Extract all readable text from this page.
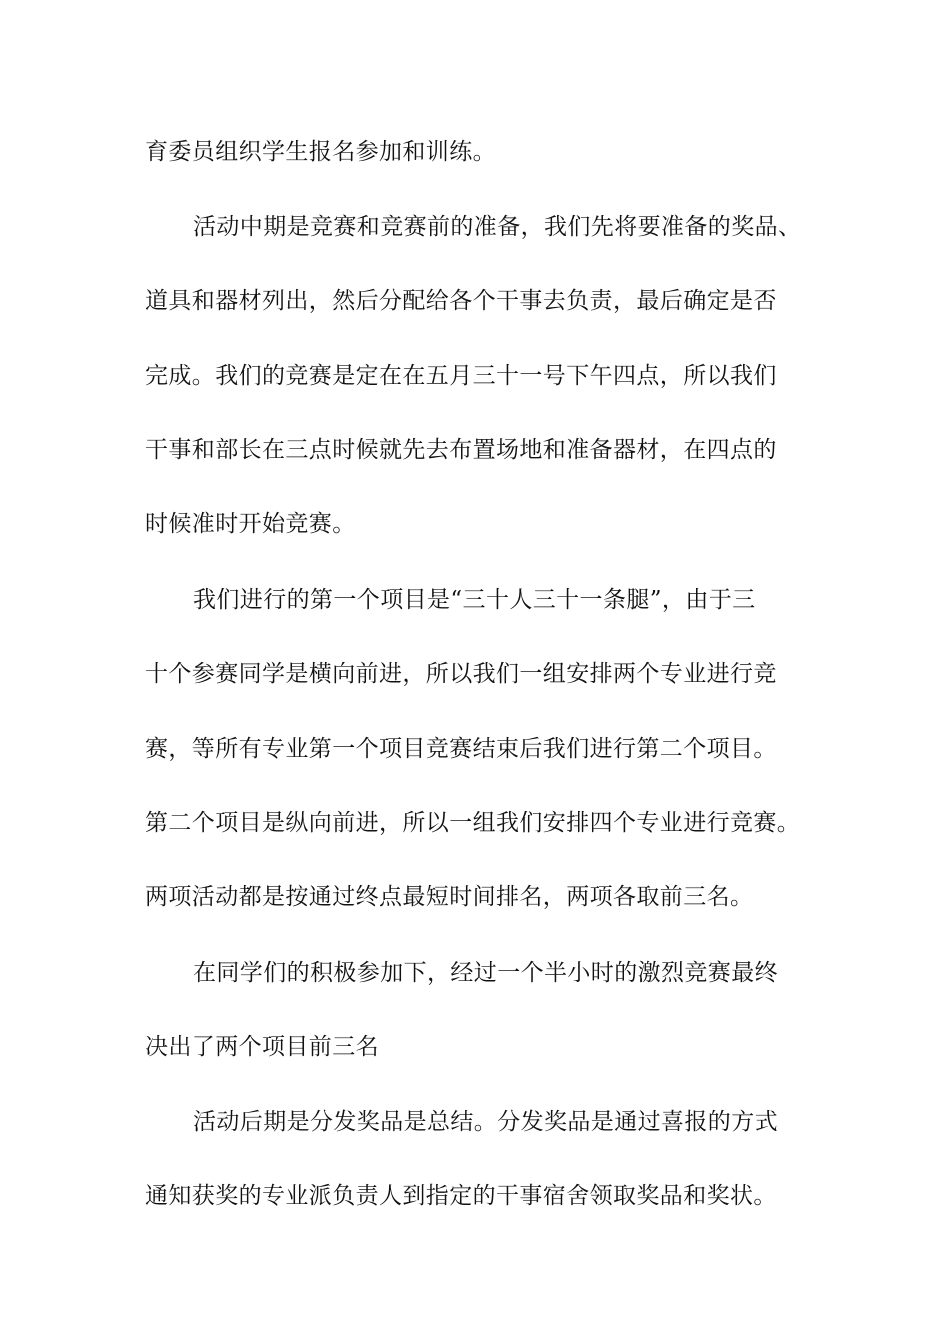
育委员组织学生报名参加和训练。
活动中期是竞赛和竞赛前的准备，我们先将要准备的奖品、
道具和器材列出，然后分配给各个干事去负责，最后确定是否
完成。我们的竞赛是定在在五月三十一号下午四点，所以我们
干事和部长在三点时候就先去布置场地和准备器材，在四点的
时候准时开始竞赛。
我们进行的第一个项目是“三十人三十一条腿”，由于三
十个参赛同学是横向前进，所以我们一组安排两个专业进行竞
赛，等所有专业第一个项目竞赛结束后我们进行第二个项目。
第二个项目是纵向前进，所以一组我们安排四个专业进行竞赛。
两项活动都是按通过终点最短时间排名，两项各取前三名。
在同学们的积极参加下，经过一个半小时的激烈竞赛最终
决出了两个项目前三名
活动后期是分发奖品是总结。分发奖品是通过喜报的方式
通知获奖的专业派负责人到指定的干事宿舍领取奖品和奖状。
